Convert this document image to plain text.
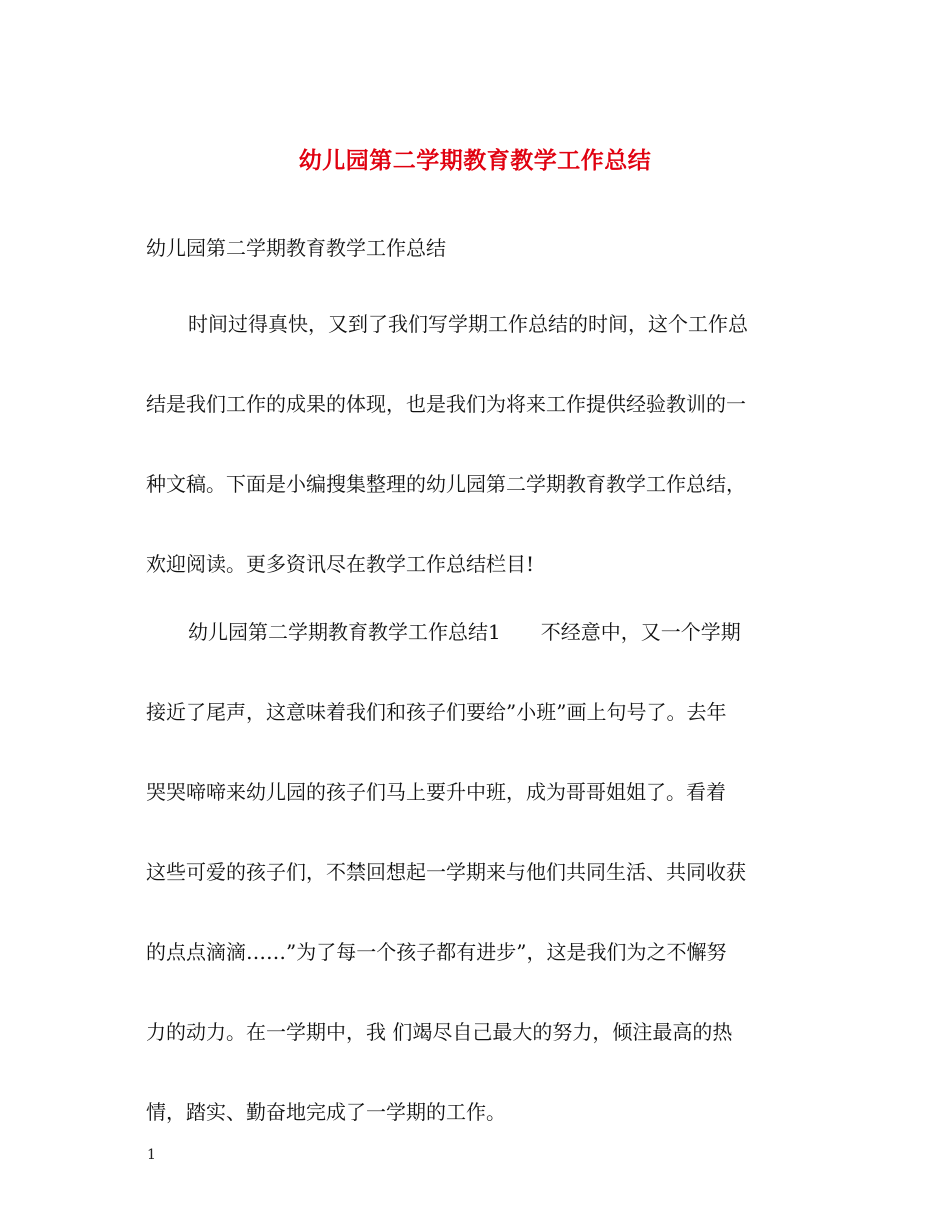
幼儿园第二学期教育教学工作总结

幼儿园第二学期教育教学工作总结

时间过得真快，又到了我们写学期工作总结的时间，这个工作总

结是我们工作的成果的体现，也是我们为将来工作提供经验教训的一

种文稿。下面是小编搜集整理的幼儿园第二学期教育教学工作总结，

欢迎阅读。更多资讯尽在教学工作总结栏目!

幼儿园第二学期教育教学工作总结1　　不经意中，又一个学期

接近了尾声，这意味着我们和孩子们要给”小班”画上句号了。去年

哭哭啼啼来幼儿园的孩子们马上要升中班，成为哥哥姐姐了。看着

这些可爱的孩子们，不禁回想起一学期来与他们共同生活、共同收获

的点点滴滴……”为了每一个孩子都有进步”，这是我们为之不懈努

力的动力。在一学期中，我 们竭尽自己最大的努力，倾注最高的热

情，踏实、勤奋地完成了一学期的工作。

1
